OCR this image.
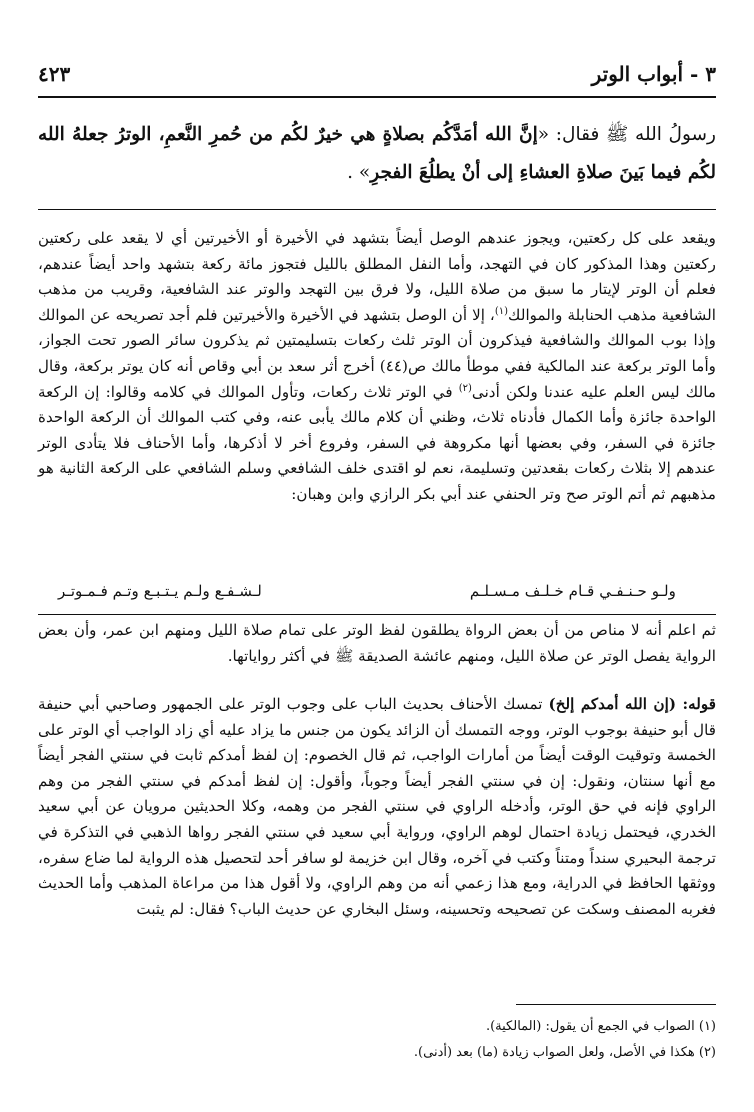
٣ - أبواب الوتر
٤٢٣
رسولُ الله ﷺ فقال: «إنَّ الله أمَدَّكُم بصلاةٍ هي خيرٌ لكُم من حُمرِ النَّعمِ، الوترُ جعلهُ الله لكُم فيما بَينَ صلاةِ العشاءِ إلى أنْ يطلُعَ الفجرِ» .

ويقعد على كل ركعتين، ويجوز عندهم الوصل أيضاً بتشهد في الأخيرة أو الأخيرتين أي لا يقعد على ركعتين ركعتين وهذا المذكور كان في التهجد، وأما النفل المطلق بالليل فتجوز مائة ركعة بتشهد واحد أيضاً عندهم، فعلم أن الوتر لإيتار ما سبق من صلاة الليل، ولا فرق بين التهجد والوتر عند الشافعية، وقريب من مذهب الشافعية مذهب الحنابلة والموالك$^{(١)}$، إلا أن الوصل بتشهد في الأخيرة والأخيرتين فلم أجد تصريحه عن الموالك وإذا بوب الموالك والشافعية فيذكرون أن الوتر ثلث ركعات بتسليمتين ثم يذكرون سائر الصور تحت الجواز، وأما الوتر بركعة عند المالكية ففي موطأ مالك ص(٤٤) أخرج أثر سعد بن أبي وقاص أنه كان يوتر بركعة، وقال مالك ليس العلم عليه عندنا ولكن أدنى$^{(٢)}$ في الوتر ثلاث ركعات، وتأول الموالك في كلامه وقالوا: إن الركعة الواحدة جائزة وأما الكمال فأدناه ثلاث، وظني أن كلام مالك يأبى عنه، وفي كتب الموالك أن الركعة الواحدة جائزة في السفر، وفي بعضها أنها مكروهة في السفر، وفروع أخر لا أذكرها، وأما الأحناف فلا يتأدى الوتر عندهم إلا بثلاث ركعات بقعدتين وتسليمة، نعم لو اقتدى خلف الشافعي وسلم الشافعي على الركعة الثانية هو مذهبهم ثم أتم الوتر صح وتر الحنفي عند أبي بكر الرازي وابن وهبان:

ولـو حـنـفـي قـام خـلـف مـسـلـم
لـشـفـع ولـم يـتـبـع وتـم فـمـوتـر

ثم اعلم أنه لا مناص من أن بعض الرواة يطلقون لفظ الوتر على تمام صلاة الليل ومنهم ابن عمر، وأن بعض الرواية يفصل الوتر عن صلاة الليل، ومنهم عائشة الصديقة ﷺ في أكثر رواياتها.

قوله: (إن الله أمدكم إلخ) تمسك الأحناف بحديث الباب على وجوب الوتر على الجمهور وصاحبي أبي حنيفة قال أبو حنيفة بوجوب الوتر، ووجه التمسك أن الزائد يكون من جنس ما يزاد عليه أي زاد الواجب أي الوتر على الخمسة وتوقيت الوقت أيضاً من أمارات الواجب، ثم قال الخصوم: إن لفظ أمدكم ثابت في سنتي الفجر أيضاً مع أنها سنتان، ونقول: إن في سنتي الفجر أيضاً وجوباً، وأقول: إن لفظ أمدكم في سنتي الفجر من وهم الراوي فإنه في حق الوتر، وأدخله الراوي في سنتي الفجر من وهمه، وكلا الحديثين مرويان عن أبي سعيد الخدري، فيحتمل زيادة احتمال لوهم الراوي، ورواية أبي سعيد في سنتي الفجر رواها الذهبي في التذكرة في ترجمة البحيري سنداً ومتناً وكتب في آخره، وقال ابن خزيمة لو سافر أحد لتحصيل هذه الرواية لما ضاع سفره، ووثقها الحافظ في الدراية، ومع هذا زعمي أنه من وهم الراوي، ولا أقول هذا من مراعاة المذهب وأما الحديث فغربه المصنف وسكت عن تصحيحه وتحسينه، وسئل البخاري عن حديث الباب؟ فقال: لم يثبت

(١) الصواب في الجمع أن يقول: (المالكية).
(٢) هكذا في الأصل، ولعل الصواب زيادة (ما) بعد (أدنى).
